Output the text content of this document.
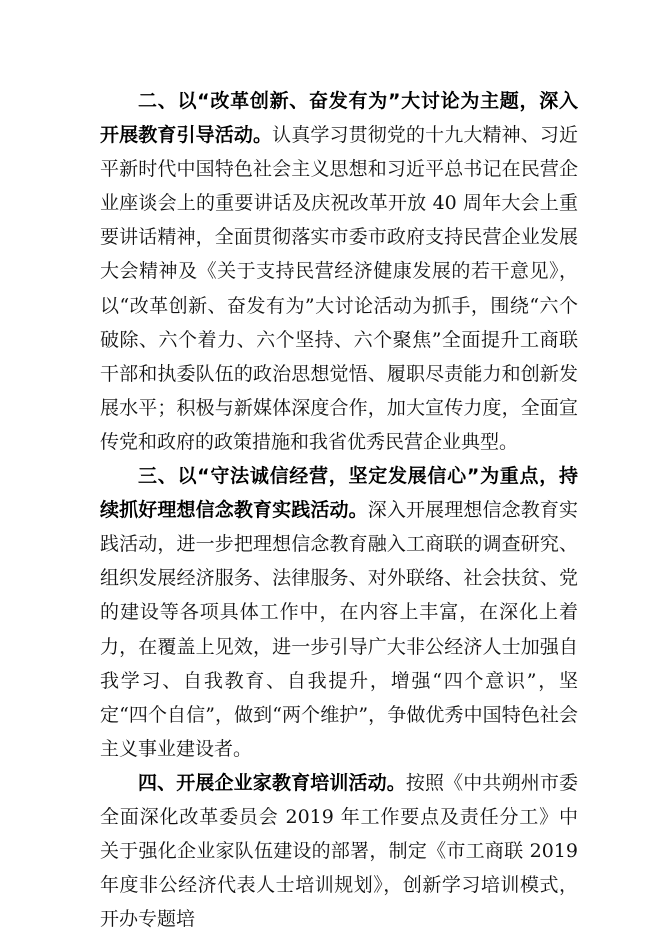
二、以“改革创新、奋发有为”大讨论为主题，深入开展教育引导活动。认真学习贯彻党的十九大精神、习近平新时代中国特色社会主义思想和习近平总书记在民营企业座谈会上的重要讲话及庆祝改革开放 40 周年大会上重要讲话精神，全面贯彻落实市委市政府支持民营企业发展大会精神及《关于支持民营经济健康发展的若干意见》，以“改革创新、奋发有为”大讨论活动为抓手，围绕“六个破除、六个着力、六个坚持、六个聚焦”全面提升工商联干部和执委队伍的政治思想觉悟、履职尽责能力和创新发展水平；积极与新媒体深度合作，加大宣传力度，全面宣传党和政府的政策措施和我省优秀民营企业典型。

三、以“守法诚信经营，坚定发展信心”为重点，持续抓好理想信念教育实践活动。深入开展理想信念教育实践活动，进一步把理想信念教育融入工商联的调查研究、组织发展经济服务、法律服务、对外联络、社会扶贫、党的建设等各项具体工作中，在内容上丰富，在深化上着力，在覆盖上见效，进一步引导广大非公经济人士加强自我学习、自我教育、自我提升，增强“四个意识”，坚定“四个自信”，做到“两个维护”，争做优秀中国特色社会主义事业建设者。

四、开展企业家教育培训活动。按照《中共朔州市委全面深化改革委员会 2019 年工作要点及责任分工》中关于强化企业家队伍建设的部署，制定《市工商联 2019 年度非公经济代表人士培训规划》，创新学习培训模式，开办专题培
